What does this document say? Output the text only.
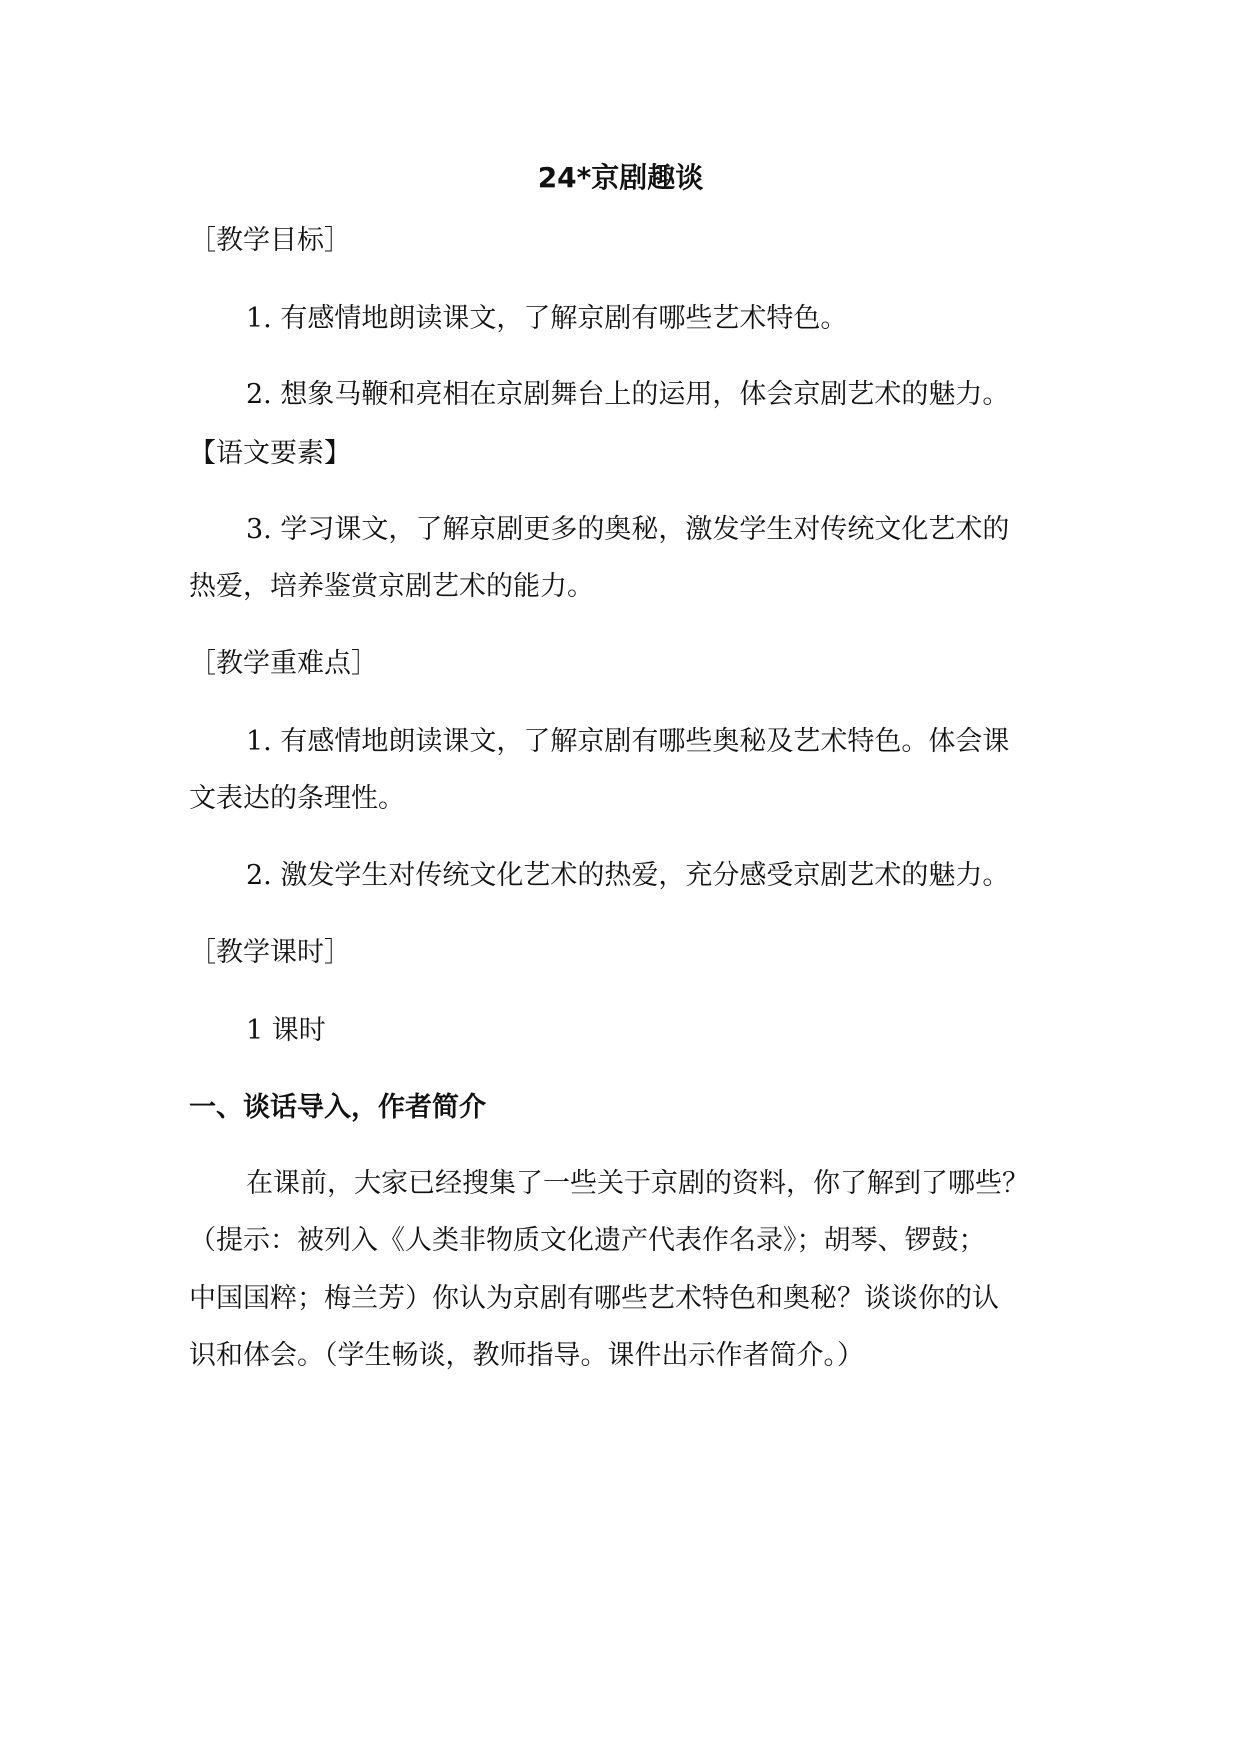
24*京剧趣谈

［教学目标］

1. 有感情地朗读课文，了解京剧有哪些艺术特色。

2. 想象马鞭和亮相在京剧舞台上的运用，体会京剧艺术的魅力。

【语文要素】

3. 学习课文，了解京剧更多的奥秘，激发学生对传统文化艺术的

热爱，培养鉴赏京剧艺术的能力。

［教学重难点］

1. 有感情地朗读课文，了解京剧有哪些奥秘及艺术特色。体会课

文表达的条理性。

2. 激发学生对传统文化艺术的热爱，充分感受京剧艺术的魅力。

［教学课时］

1 课时

一、谈话导入，作者简介

在课前，大家已经搜集了一些关于京剧的资料，你了解到了哪些？

（提示：被列入《人类非物质文化遗产代表作名录》；胡琴、锣鼓；

中国国粹；梅兰芳）你认为京剧有哪些艺术特色和奥秘？谈谈你的认

识和体会。（学生畅谈，教师指导。课件出示作者简介。）
